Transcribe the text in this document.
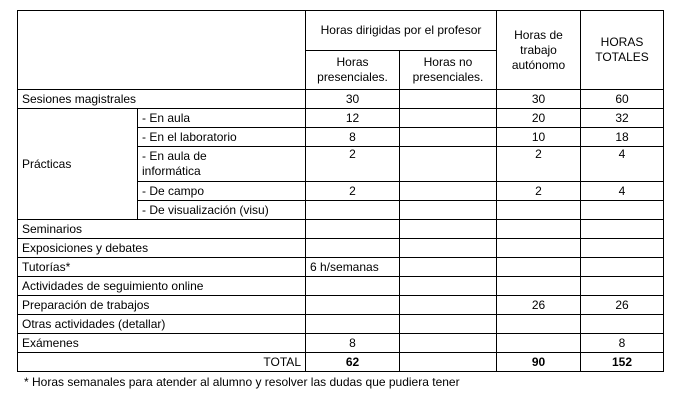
		Horas dirigidas por el profesor		Horas de trabajo autónomo	HORAS TOTALES
		Horas presenciales.	Horas no presenciales.		
Sesiones magistrales		30		30	60
Prácticas	- En aula	12		20	32
	- En el laboratorio	8		10	18
	- En aula de informática	2		2	4
	- De campo	2		2	4
	- De visualización (visu)				
Seminarios					
Exposiciones y debates					
Tutorías*		6 h/semanas			
Actividades de seguimiento online					
Preparación de trabajos				26	26
Otras actividades (detallar)					
Exámenes		8			8
TOTAL		62		90	152
* Horas semanales para atender al alumno y resolver las dudas que pudiera tener
